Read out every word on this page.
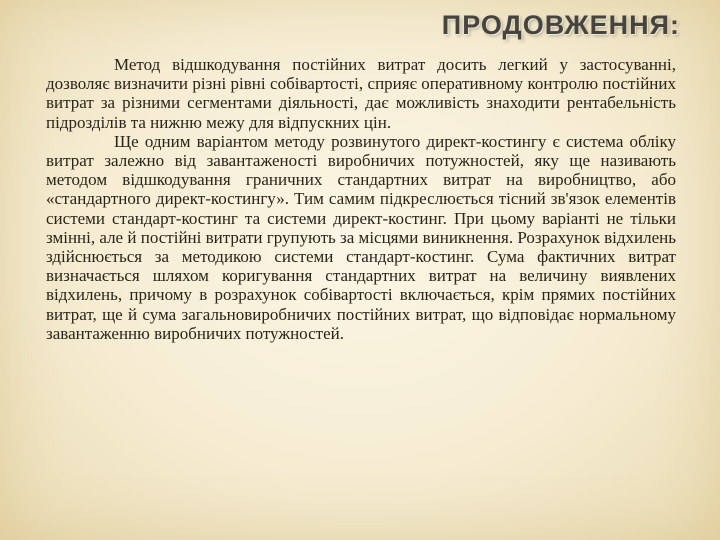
ПРОДОВЖЕННЯ:

Метод відшкодування постійних витрат досить легкий у застосуванні, дозволяє визначити різні рівні собівартості, сприяє оперативному контролю постійних витрат за різними сегментами діяльності, дає можливість знаходити рентабельність підрозділів та нижню межу для відпускних цін.

Ще одним варіантом методу розвинутого директ-костингу є система обліку витрат залежно від завантаженості виробничих потужностей, яку ще називають методом відшкодування граничних стандартних витрат на виробництво, або «стандартного директ-костингу». Тим самим підкреслюється тісний зв'язок елементів системи стандарт-костинг та системи директ-костинг. При цьому варіанті не тільки змінні, але й постійні витрати групують за місцями виникнення. Розрахунок відхилень здійснюється за методикою системи стандарт-костинг. Сума фактичних витрат визначається шляхом коригування стандартних витрат на величину виявлених відхилень, причому в розрахунок собівартості включається, крім прямих постійних витрат, ще й сума загальновиробничих постійних витрат, що відповідає нормальному завантаженню виробничих потужностей.
